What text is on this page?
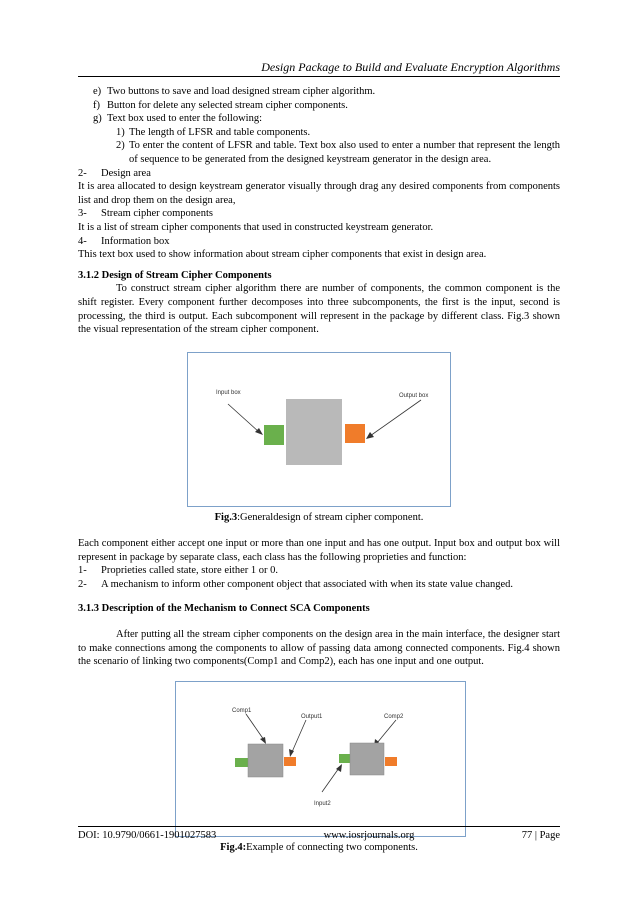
Design Package to Build and Evaluate Encryption Algorithms
e) Two buttons to save and load designed stream cipher algorithm.
f) Button for delete any selected stream cipher components.
g) Text box used to enter the following:
1) The length of LFSR and table components.
2) To enter the content of LFSR and table. Text box also used to enter a number that represent the length of sequence to be generated from the designed keystream generator in the design area.
2-	Design area

It is area allocated to design keystream generator visually through drag any desired components from components list and drop them on the design area,

3-	Stream cipher components

It is a list of stream cipher components that used in constructed keystream generator.

4-	Information box

This text box used to show information about stream cipher components that exist in design area.

3.1.2 Design of Stream Cipher Components

To construct stream cipher algorithm there are number of components, the common component is the shift register. Every component further decomposes into three subcomponents, the first is the input, second is processing, the third is output. Each subcomponent will represent in the package by different class. Fig.3 shown the visual representation of the stream cipher component.

Input box	Output box

Fig.3:Generaldesign of stream cipher component.

Each component either accept one input or more than one input and has one output. Input box and output box will represent in package by separate class, each class has the following proprieties and function:

1-	Proprieties called state, store either 1 or 0.
2-	A mechanism to inform other component object that associated with when its state value changed.

3.1.3 Description of the Mechanism to Connect SCA Components

After putting all the stream cipher components on the design area in the main interface, the designer start to make connections among the components to allow of passing data among connected components. Fig.4 shown the scenario of linking two components(Comp1 and Comp2), each has one input and one output.

Comp1
Output1	Comp2
Input2

Fig.4:Example of connecting two components.

DOI: 10.9790/0661-1901027583	www.iosrjournals.org	77 | Page
